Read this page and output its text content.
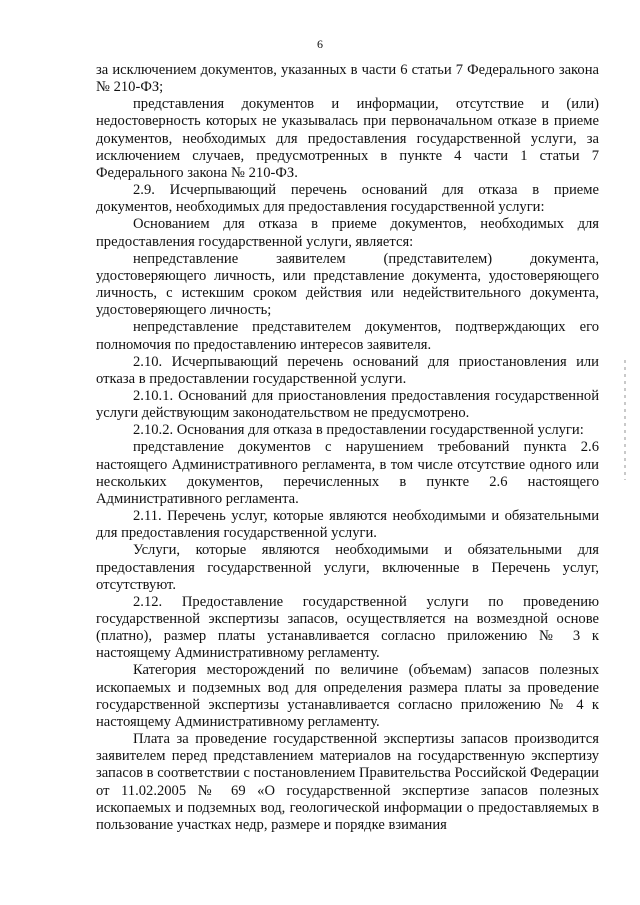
6

за исключением документов, указанных в части 6 статьи 7 Федерального закона № 210-ФЗ;

представления документов и информации, отсутствие и (или) недостоверность которых не указывалась при первоначальном отказе в приеме документов, необходимых для предоставления государственной услуги, за исключением случаев, предусмотренных в пункте 4 части 1 статьи 7 Федерального закона № 210-ФЗ.

2.9. Исчерпывающий перечень оснований для отказа в приеме документов, необходимых для предоставления государственной услуги:

Основанием для отказа в приеме документов, необходимых для предоставления государственной услуги, является:

непредставление заявителем (представителем) документа, удостоверяющего личность, или представление документа, удостоверяющего личность, с истекшим сроком действия или недействительного документа, удостоверяющего личность;

непредставление представителем документов, подтверждающих его полномочия по предоставлению интересов заявителя.

2.10. Исчерпывающий перечень оснований для приостановления или отказа в предоставлении государственной услуги.

2.10.1. Оснований для приостановления предоставления государственной услуги действующим законодательством не предусмотрено.

2.10.2. Основания для отказа в предоставлении государственной услуги:

представление документов с нарушением требований пункта 2.6 настоящего Административного регламента, в том числе отсутствие одного или нескольких документов, перечисленных в пункте 2.6 настоящего Административного регламента.

2.11. Перечень услуг, которые являются необходимыми и обязательными для предоставления государственной услуги.

Услуги, которые являются необходимыми и обязательными для предоставления государственной услуги, включенные в Перечень услуг, отсутствуют.

2.12. Предоставление государственной услуги по проведению государственной экспертизы запасов, осуществляется на возмездной основе (платно), размер платы устанавливается согласно приложению № 3 к настоящему Административному регламенту.

Категория месторождений по величине (объемам) запасов полезных ископаемых и подземных вод для определения размера платы за проведение государственной экспертизы устанавливается согласно приложению № 4 к настоящему Административному регламенту.

Плата за проведение государственной экспертизы запасов производится заявителем перед представлением материалов на государственную экспертизу запасов в соответствии с постановлением Правительства Российской Федерации от 11.02.2005 № 69 «О государственной экспертизе запасов полезных ископаемых и подземных вод, геологической информации о предоставляемых в пользование участках недр, размере и порядке взимания
